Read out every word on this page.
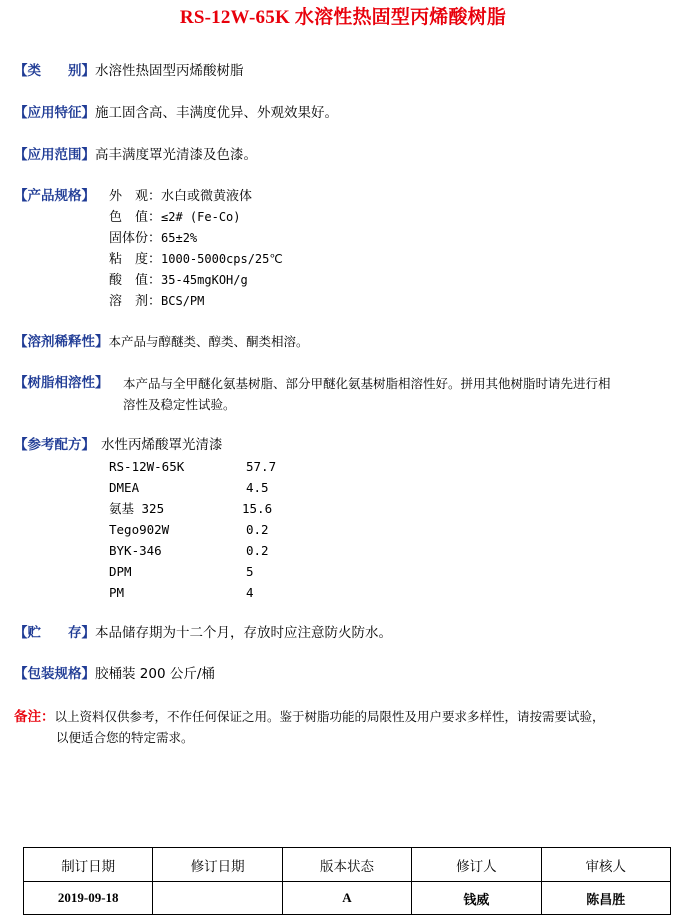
RS-12W-65K 水溶性热固型丙烯酸树脂
【类　　别】水溶性热固型丙烯酸树脂
【应用特征】施工固含高、丰满度优异、外观效果好。
【应用范围】高丰满度罩光清漆及色漆。
【产品规格】 外　观：水白或微黄液体
色　值：≤2# (Fe-Co)
固体份：65±2%
粘　度：1000-5000cps/25℃
酸　值：35-45mgKOH/g
溶　剂：BCS/PM
【溶剂稀释性】本产品与醇醚类、醇类、酮类相溶。
【树脂相溶性】 本产品与全甲醚化氨基树脂、部分甲醚化氨基树脂相溶性好。拼用其他树脂时请先进行相
溶性及稳定性试验。
【参考配方】 水性丙烯酸罩光清漆
RS-12W-65K	57.7
DMEA	4.5
氨基 325	15.6
Tego902W	0.2
BYK-346	0.2
DPM	5
PM	4
【贮　　存】本品储存期为十二个月，存放时应注意防火防水。
【包装规格】胶桶装 200 公斤/桶
备注：以上资料仅供参考，不作任何保证之用。鉴于树脂功能的局限性及用户要求多样性，请按需要试验，
以便适合您的特定需求。
制订日期	修订日期	版本状态	修订人	审核人
2019-09-18		A	钱威	陈昌胜
